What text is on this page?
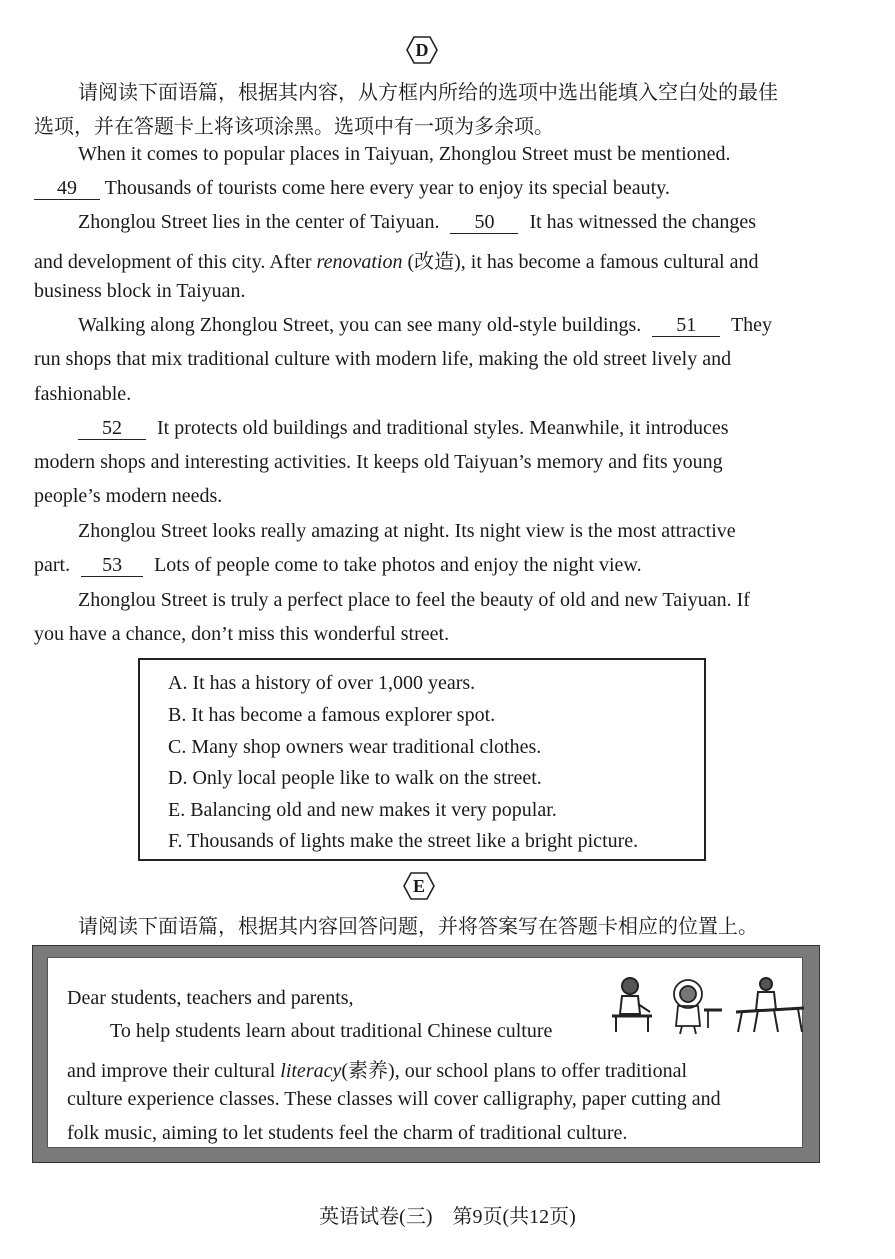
D
请阅读下面语篇，根据其内容，从方框内所给的选项中选出能填入空白处的最佳
选项，并在答题卡上将该项涂黑。选项中有一项为多余项。
When it comes to popular places in Taiyuan, Zhonglou Street must be mentioned.
49 Thousands of tourists come here every year to enjoy its special beauty.
Zhonglou Street lies in the center of Taiyuan. 50 It has witnessed the changes
and development of this city. After renovation (改造), it has become a famous cultural and
business block in Taiyuan.
Walking along Zhonglou Street, you can see many old-style buildings. 51 They
run shops that mix traditional culture with modern life, making the old street lively and
fashionable.
52 It protects old buildings and traditional styles. Meanwhile, it introduces
modern shops and interesting activities. It keeps old Taiyuan’s memory and fits young
people’s modern needs.
Zhonglou Street looks really amazing at night. Its night view is the most attractive
part. 53 Lots of people come to take photos and enjoy the night view.
Zhonglou Street is truly a perfect place to feel the beauty of old and new Taiyuan. If
you have a chance, don’t miss this wonderful street.
A. It has a history of over 1,000 years.
B. It has become a famous explorer spot.
C. Many shop owners wear traditional clothes.
D. Only local people like to walk on the street.
E. Balancing old and new makes it very popular.
F. Thousands of lights make the street like a bright picture.
E
请阅读下面语篇，根据其内容回答问题，并将答案写在答题卡相应的位置上。
Dear students, teachers and parents,
To help students learn about traditional Chinese culture
and improve their cultural literacy(素养), our school plans to offer traditional
culture experience classes. These classes will cover calligraphy, paper cutting and
folk music, aiming to let students feel the charm of traditional culture.
英语试卷(三)　第9页(共12页)
